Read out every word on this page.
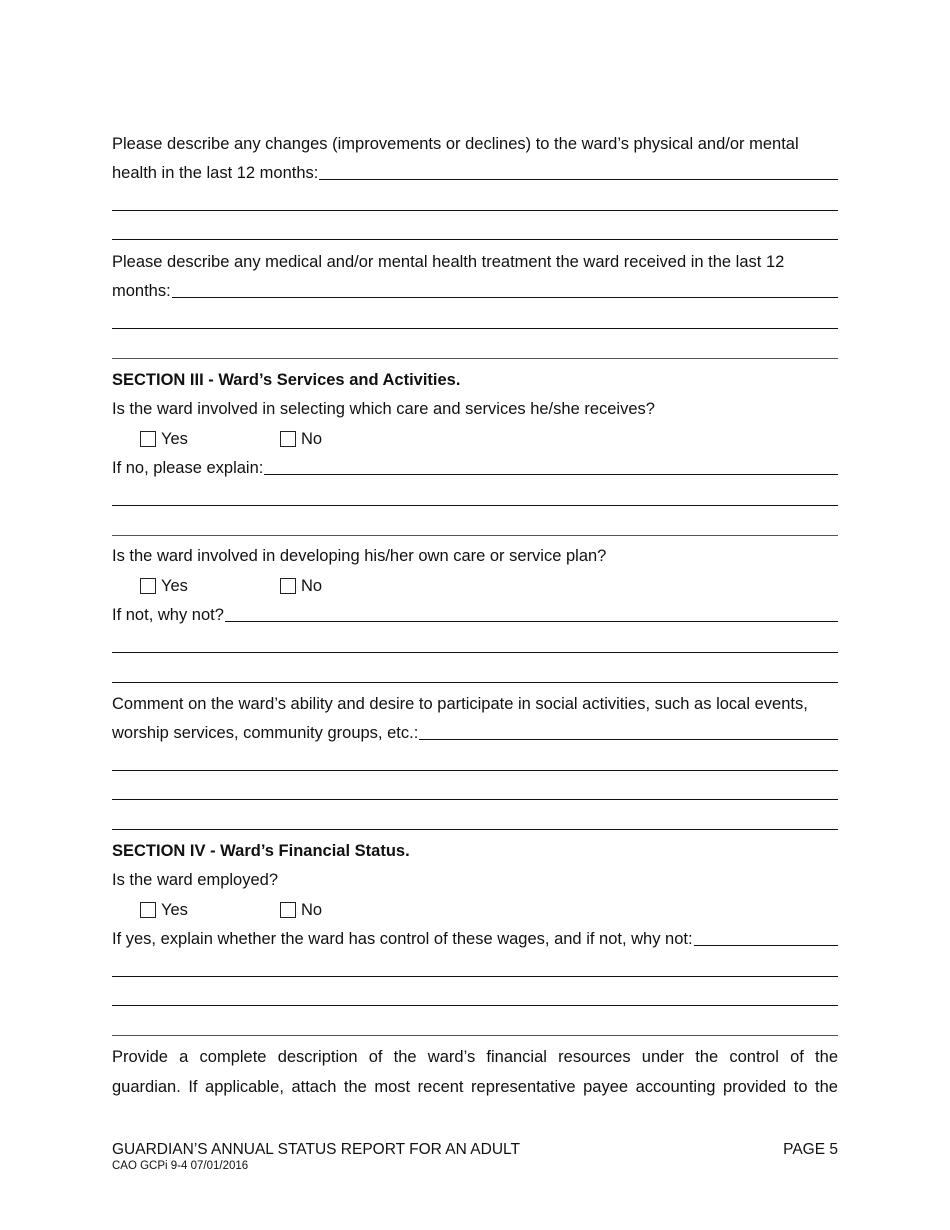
Please describe any changes (improvements or declines) to the ward’s physical and/or mental
health in the last 12 months:
Please describe any medical and/or mental health treatment the ward received in the last 12
months:
SECTION III - Ward’s Services and Activities.
Is the ward involved in selecting which care and services he/she receives?
Yes	No
If no, please explain:
Is the ward involved in developing his/her own care or service plan?
Yes	No
If not, why not?
Comment on the ward’s ability and desire to participate in social activities, such as local events,
worship services, community groups, etc.:
SECTION IV - Ward’s Financial Status.
Is the ward employed?
Yes	No
If yes, explain whether the ward has control of these wages, and if not, why not:
Provide a complete description of the ward’s financial resources under the control of the
guardian. If applicable, attach the most recent representative payee accounting provided to the
GUARDIAN’S ANNUAL STATUS REPORT FOR AN ADULT	PAGE 5
CAO GCPi 9-4 07/01/2016
